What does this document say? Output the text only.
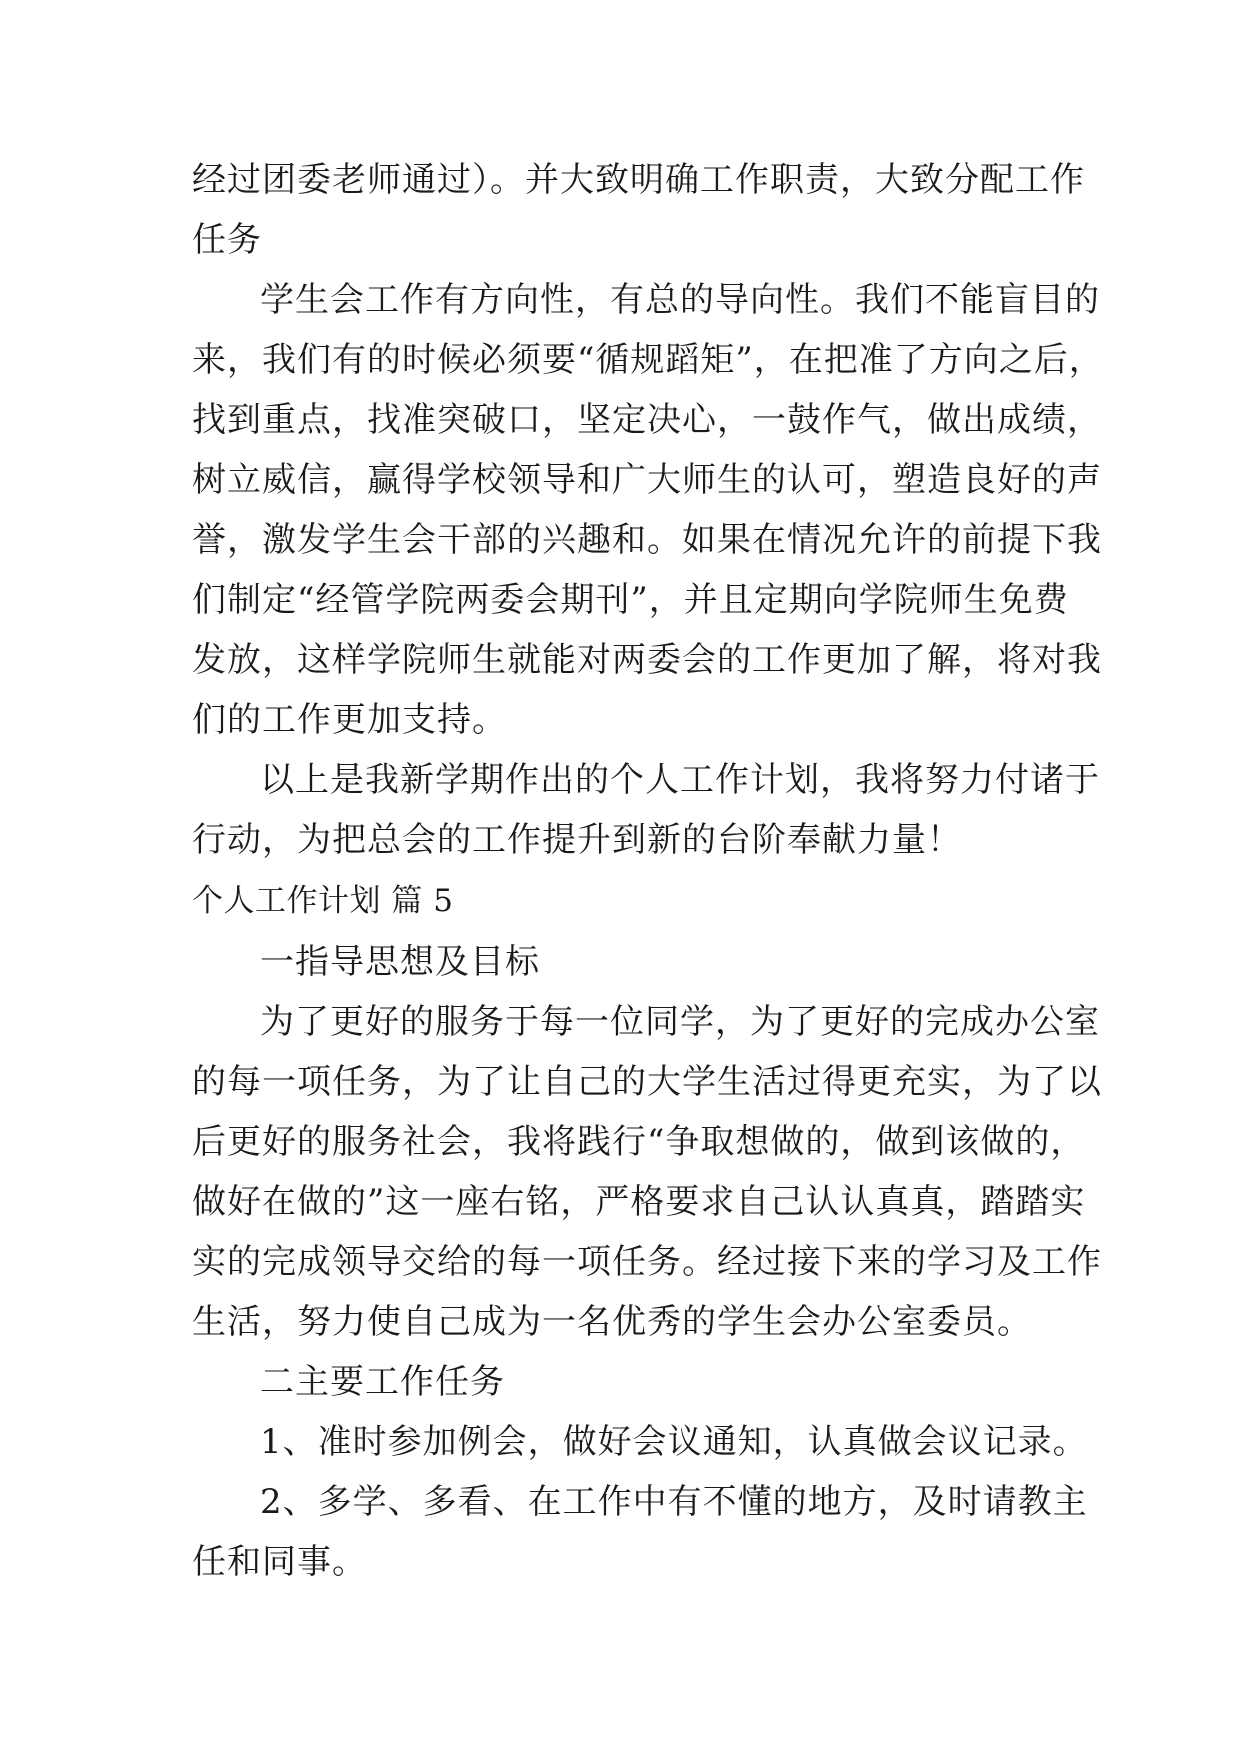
经过团委老师通过）。并大致明确工作职责，大致分配工作
任务

学生会工作有方向性，有总的导向性。我们不能盲目的
来，我们有的时候必须要“循规蹈矩”，在把准了方向之后，
找到重点，找准突破口，坚定决心，一鼓作气，做出成绩，
树立威信，赢得学校领导和广大师生的认可，塑造良好的声
誉，激发学生会干部的兴趣和。如果在情况允许的前提下我
们制定“经管学院两委会期刊”，并且定期向学院师生免费
发放，这样学院师生就能对两委会的工作更加了解，将对我
们的工作更加支持。

以上是我新学期作出的个人工作计划，我将努力付诸于
行动，为把总会的工作提升到新的台阶奉献力量！

个人工作计划 篇 5

一指导思想及目标

为了更好的服务于每一位同学，为了更好的完成办公室
的每一项任务，为了让自己的大学生活过得更充实，为了以
后更好的服务社会，我将践行“争取想做的，做到该做的，
做好在做的”这一座右铭，严格要求自己认认真真，踏踏实
实的完成领导交给的每一项任务。经过接下来的学习及工作
生活，努力使自己成为一名优秀的学生会办公室委员。

二主要工作任务

1、准时参加例会，做好会议通知，认真做会议记录。

2、多学、多看、在工作中有不懂的地方，及时请教主
任和同事。
